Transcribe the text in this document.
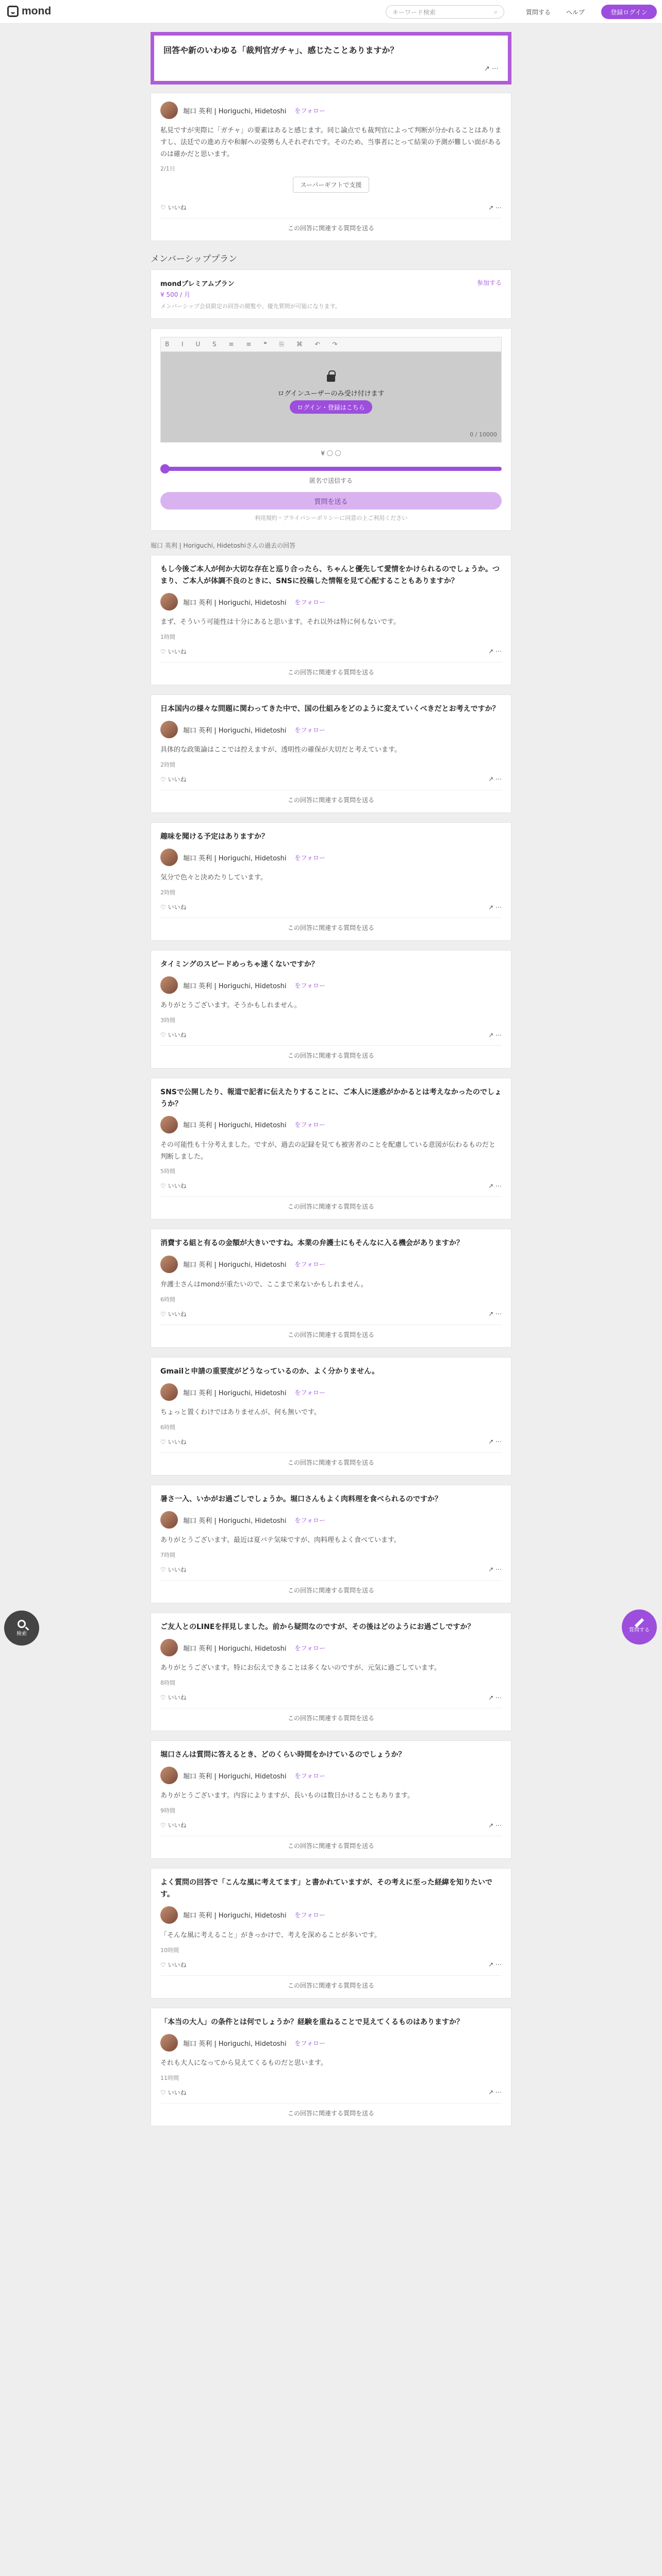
mond	キーワード検索	⌕	質問する ヘルプ	登録ログイン
回答や新のいわゆる「裁判官ガチャ」、感じたことありますか？
↗ ⋯
堀口 英利 | Horiguchi, Hidetoshi をフォロー
私見ですが実際に「ガチャ」の要素はあると感じます。同じ論点でも裁判官によって判断が分かれることはありますし、法廷での進め方や和解への姿勢も人それぞれです。そのため、当事者にとって結果の予測が難しい面があるのは確かだと思います。
2/1日
スーパーギフトで支援
♡ いいね	↗ ⋯
この回答に関連する質問を送る
メンバーシッププラン
mondプレミアムプラン
¥ 500 / 月
メンバーシップ会員限定の回答の閲覧や、優先質問が可能になります。
参加する
B I U S ≡ ≡ ❝ ⎘ ⌘ ↶ ↷
ログインユーザーのみ受け付けます
ログイン・登録はこちら
0 / 10000
¥ 〇 〇
匿名で送信する
質問を送る
利用規約・プライバシーポリシーに同意の上ご利用ください
堀口 英利 | Horiguchi, Hidetoshiさんの過去の回答
もし今後ご本人が何か大切な存在と巡り合ったら、ちゃんと優先して愛情をかけられるのでしょうか。つまり、ご本人が体調不良のときに、SNSに投稿した情報を見て心配することもありますか？
堀口 英利 | Horiguchi, Hidetoshi をフォロー
まず、そういう可能性は十分にあると思います。それ以外は特に何もないです。
1時間
♡ いいね	↗ ⋯
この回答に関連する質問を送る
日本国内の様々な問題に関わってきた中で、国の仕組みをどのように変えていくべきだとお考えですか？
堀口 英利 | Horiguchi, Hidetoshi をフォロー
具体的な政策論はここでは控えますが、透明性の確保が大切だと考えています。
2時間
♡ いいね	↗ ⋯
この回答に関連する質問を送る
趣味を聞ける予定はありますか？
堀口 英利 | Horiguchi, Hidetoshi をフォロー
気分で色々と決めたりしています。
2時間
♡ いいね	↗ ⋯
この回答に関連する質問を送る
タイミングのスピードめっちゃ速くないですか？
堀口 英利 | Horiguchi, Hidetoshi をフォロー
ありがとうございます。そうかもしれません。
3時間
♡ いいね	↗ ⋯
この回答に関連する質問を送る
SNSで公開したり、報道で記者に伝えたりすることに、ご本人に迷惑がかかるとは考えなかったのでしょうか？
堀口 英利 | Horiguchi, Hidetoshi をフォロー
その可能性も十分考えました。ですが、過去の記録を見ても被害者のことを配慮している意図が伝わるものだと判断しました。
5時間
♡ いいね	↗ ⋯
この回答に関連する質問を送る
消費する組と有るの金額が大きいですね。本業の弁護士にもそんなに入る機会がありますか？
堀口 英利 | Horiguchi, Hidetoshi をフォロー
弁護士さんはmondが重たいので、ここまで来ないかもしれません。
6時間
♡ いいね	↗ ⋯
この回答に関連する質問を送る
Gmailと申請の重要度がどうなっているのか、よく分かりません。
堀口 英利 | Horiguchi, Hidetoshi をフォロー
ちょっと置くわけではありませんが、何も無いです。
6時間
♡ いいね	↗ ⋯
この回答に関連する質問を送る
暑さ一入、いかがお過ごしでしょうか。堀口さんもよく肉料理を食べられるのですか？
堀口 英利 | Horiguchi, Hidetoshi をフォロー
ありがとうございます。最近は夏バテ気味ですが、肉料理もよく食べています。
7時間
♡ いいね	↗ ⋯
この回答に関連する質問を送る
ご友人とのLINEを拝見しました。前から疑問なのですが、その後はどのようにお過ごしですか？
堀口 英利 | Horiguchi, Hidetoshi をフォロー
ありがとうございます。特にお伝えできることは多くないのですが、元気に過ごしています。
8時間
♡ いいね	↗ ⋯
この回答に関連する質問を送る
堀口さんは質問に答えるとき、どのくらい時間をかけているのでしょうか？
堀口 英利 | Horiguchi, Hidetoshi をフォロー
ありがとうございます。内容によりますが、長いものは数日かけることもあります。
9時間
♡ いいね	↗ ⋯
この回答に関連する質問を送る
よく質問の回答で「こんな風に考えてます」と書かれていますが、その考えに至った経緯を知りたいです。
堀口 英利 | Horiguchi, Hidetoshi をフォロー
「そんな風に考えること」がきっかけで、考えを深めることが多いです。
10時間
♡ いいね	↗ ⋯
この回答に関連する質問を送る
「本当の大人」の条件とは何でしょうか？経験を重ねることで見えてくるものはありますか？
堀口 英利 | Horiguchi, Hidetoshi をフォロー
それも大人になってから見えてくるものだと思います。
11時間
♡ いいね	↗ ⋯
この回答に関連する質問を送る
検索
質問する
